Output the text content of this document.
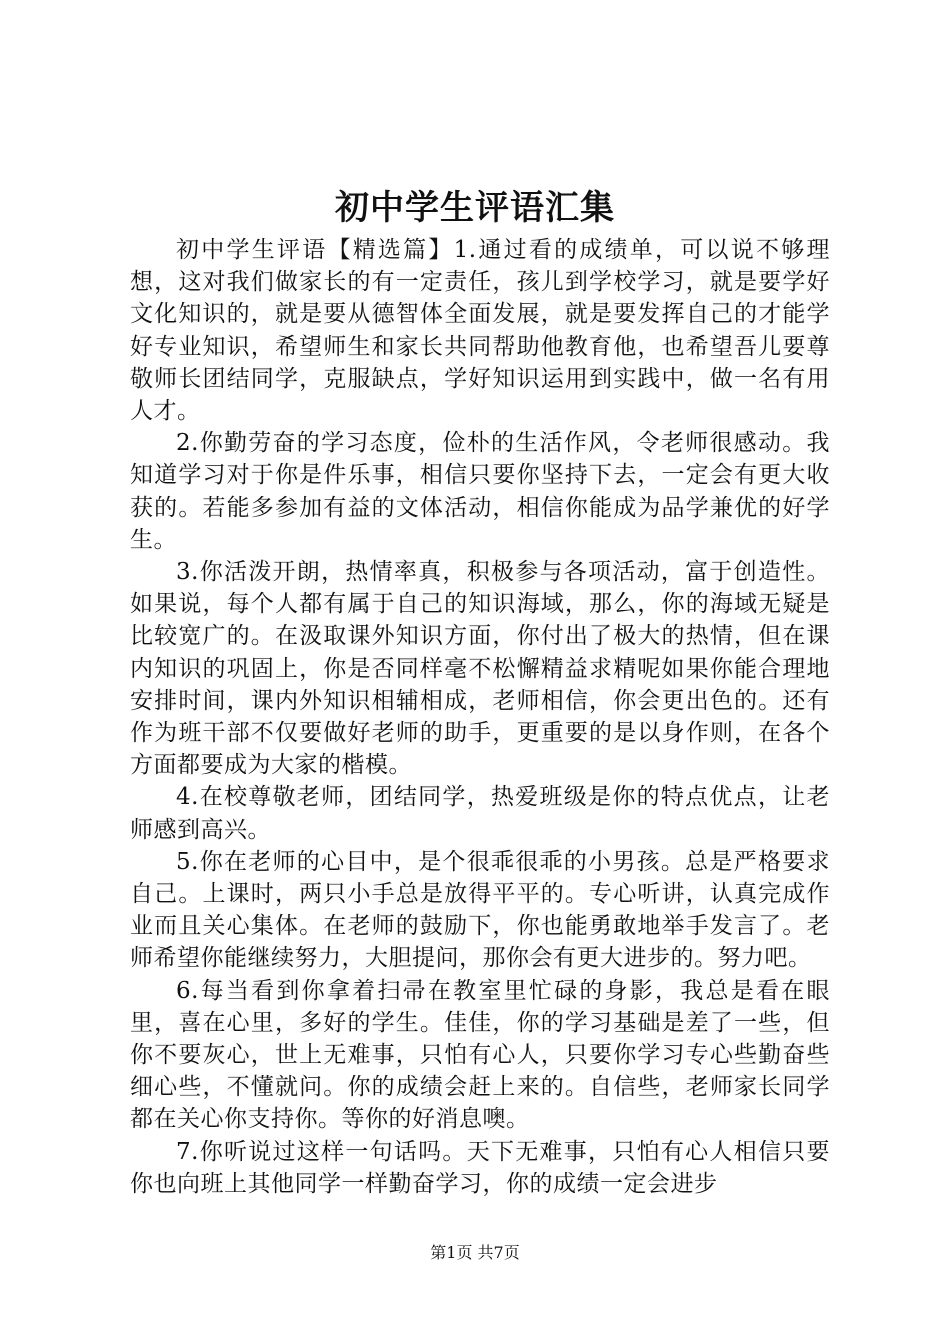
初中学生评语汇集

初中学生评语【精选篇】1.通过看的成绩单，可以说不够理想，这对我们做家长的有一定责任，孩儿到学校学习，就是要学好文化知识的，就是要从德智体全面发展，就是要发挥自己的才能学好专业知识，希望师生和家长共同帮助他教育他，也希望吾儿要尊敬师长团结同学，克服缺点，学好知识运用到实践中，做一名有用人才。

2.你勤劳奋的学习态度，俭朴的生活作风，令老师很感动。我知道学习对于你是件乐事，相信只要你坚持下去，一定会有更大收获的。若能多参加有益的文体活动，相信你能成为品学兼优的好学生。

3.你活泼开朗，热情率真，积极参与各项活动，富于创造性。如果说，每个人都有属于自己的知识海域，那么，你的海域无疑是比较宽广的。在汲取课外知识方面，你付出了极大的热情，但在课内知识的巩固上，你是否同样毫不松懈精益求精呢如果你能合理地安排时间，课内外知识相辅相成，老师相信，你会更出色的。还有作为班干部不仅要做好老师的助手，更重要的是以身作则，在各个方面都要成为大家的楷模。

4.在校尊敬老师，团结同学，热爱班级是你的特点优点，让老师感到高兴。

5.你在老师的心目中，是个很乖很乖的小男孩。总是严格要求自己。上课时，两只小手总是放得平平的。专心听讲，认真完成作业而且关心集体。在老师的鼓励下，你也能勇敢地举手发言了。老师希望你能继续努力，大胆提问，那你会有更大进步的。努力吧。

6.每当看到你拿着扫帚在教室里忙碌的身影，我总是看在眼里，喜在心里，多好的学生。佳佳，你的学习基础是差了一些，但你不要灰心，世上无难事，只怕有心人，只要你学习专心些勤奋些细心些，不懂就问。你的成绩会赶上来的。自信些，老师家长同学都在关心你支持你。等你的好消息噢。

7.你听说过这样一句话吗。天下无难事，只怕有心人相信只要你也向班上其他同学一样勤奋学习，你的成绩一定会进步

第1页 共7页
